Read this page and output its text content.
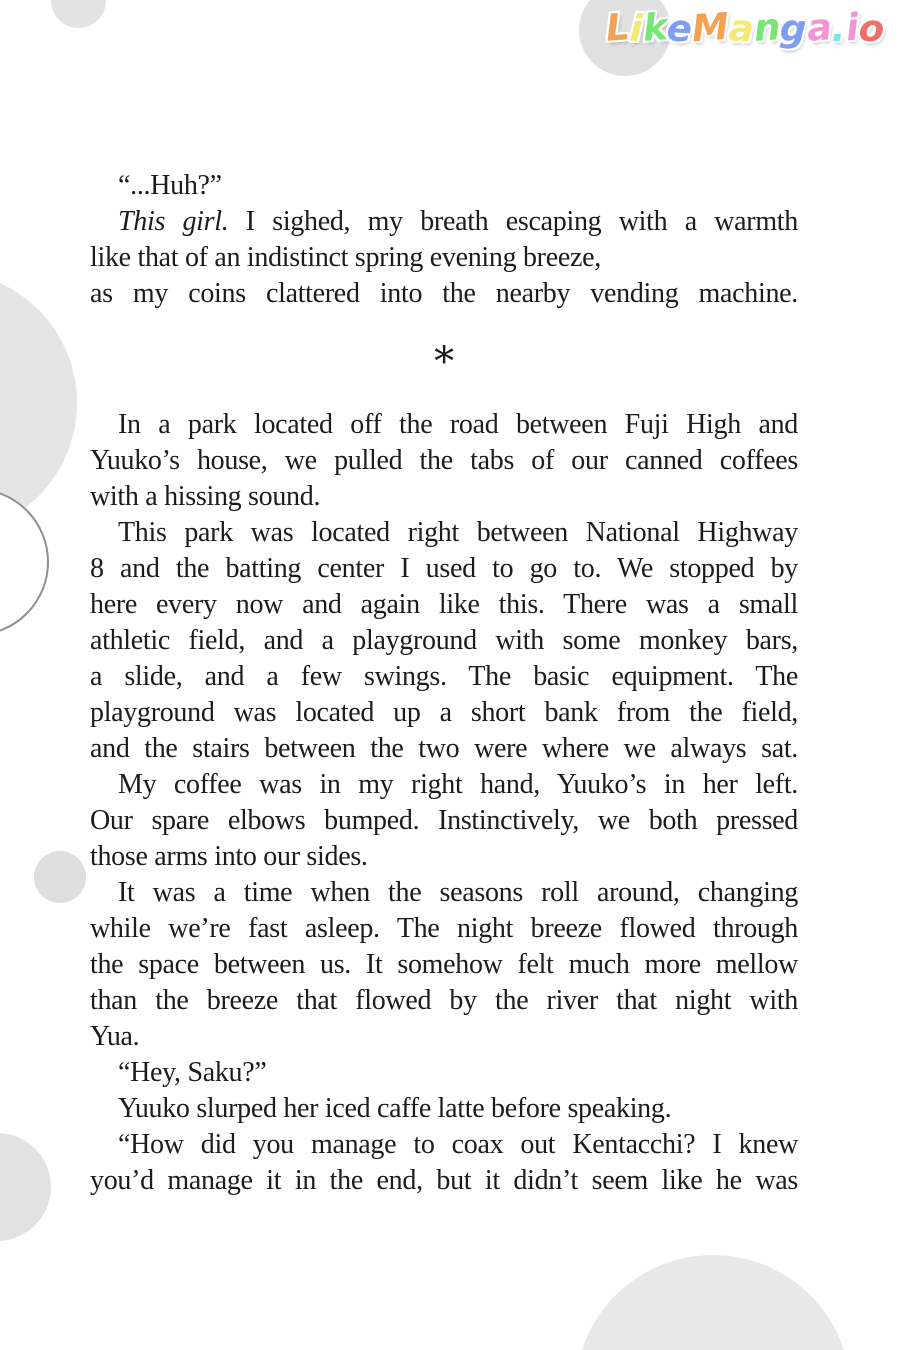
LikeManga.io
“...Huh?”
This girl. I sighed, my breath escaping with a warmth
like that of an indistinct spring evening breeze,
as my coins clattered into the nearby vending machine.
*
In a park located off the road between Fuji High and
Yuuko’s house, we pulled the tabs of our canned coffees
with a hissing sound.
This park was located right between National Highway
8 and the batting center I used to go to. We stopped by
here every now and again like this. There was a small
athletic field, and a playground with some monkey bars,
a slide, and a few swings. The basic equipment. The
playground was located up a short bank from the field,
and the stairs between the two were where we always sat.
My coffee was in my right hand, Yuuko’s in her left.
Our spare elbows bumped. Instinctively, we both pressed
those arms into our sides.
It was a time when the seasons roll around, changing
while we’re fast asleep. The night breeze flowed through
the space between us. It somehow felt much more mellow
than the breeze that flowed by the river that night with
Yua.
“Hey, Saku?”
Yuuko slurped her iced caffe latte before speaking.
“How did you manage to coax out Kentacchi? I knew
you’d manage it in the end, but it didn’t seem like he was
